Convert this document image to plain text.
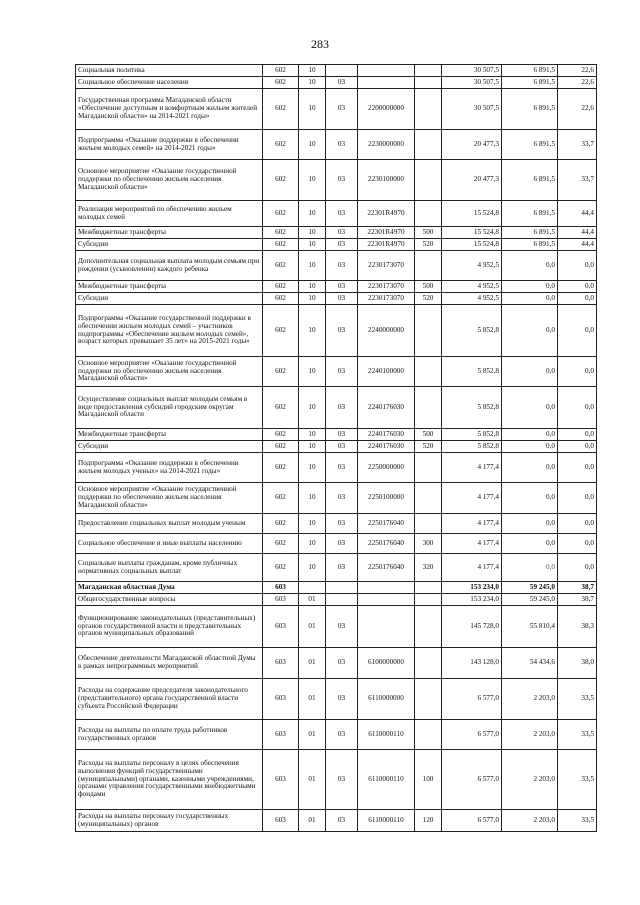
283
Социальная политика	602	10				30 507,5	6 891,5	22,6
Социальное обеспечение населения	602	10	03			30 507,5	6 891,5	22,6
Государственная программа Магаданской области «Обеспечение доступным и комфортным жильем жителей Магаданской области» на 2014-2021 годы»	602	10	03	2200000000		30 507,5	6 891,5	22,6
Подпрограмма «Оказание поддержки в обеспечении жильем молодых семей» на 2014-2021 годы»	602	10	03	2230000000		20 477,3	6 891,5	33,7
Основное мероприятие «Оказание государственной поддержки по обеспечению жильем населения Магаданской области»	602	10	03	2230100000		20 477,3	6 891,5	33,7
Реализация мероприятий по обеспечению жильем молодых семей	602	10	03	22301R4970		15 524,8	6 891,5	44,4
Межбюджетные трансферты	602	10	03	22301R4970	500	15 524,8	6 891,5	44,4
Субсидии	602	10	03	22301R4970	520	15 524,8	6 891,5	44,4
Дополнительная социальная выплата молодым семьям при рождении (усыновлении) каждого ребенка	602	10	03	2230173070		4 952,5	0,0	0,0
Межбюджетные трансферты	602	10	03	2230173070	500	4 952,5	0,0	0,0
Субсидии	602	10	03	2230173070	520	4 952,5	0,0	0,0
Подпрограмма «Оказание государственной поддержки в обеспечении жильем молодых семей – участников подпрограммы «Обеспечение жильем молодых семей», возраст которых превышает 35 лет» на 2015-2021 годы»	602	10	03	2240000000		5 852,8	0,0	0,0
Основное мероприятие «Оказание государственной поддержки по обеспечению жильем населения Магаданской области»	602	10	03	2240100000		5 852,8	0,0	0,0
Осуществление социальных выплат молодым семьям в виде предоставления субсидий городским округам Магаданской области	602	10	03	2240176030		5 852,8	0,0	0,0
Межбюджетные трансферты	602	10	03	2240176030	500	5 852,8	0,0	0,0
Субсидии	602	10	03	2240176030	520	5 852,8	0,0	0,0
Подпрограмма «Оказание поддержки в обеспечении жильем молодых ученых» на 2014-2021 годы»	602	10	03	2250000000		4 177,4	0,0	0,0
Основное мероприятие «Оказание государственной поддержки по обеспечению жильем населения Магаданской области»	602	10	03	2250100000		4 177,4	0,0	0,0
Предоставление социальных выплат молодым ученым	602	10	03	2250176040		4 177,4	0,0	0,0
Социальное обеспечение и иные выплаты населению	602	10	03	2250176040	300	4 177,4	0,0	0,0
Социальные выплаты гражданам, кроме публичных нормативных социальных выплат	602	10	03	2250176040	320	4 177,4	0,0	0,0
Магаданская областная Дума	603					153 234,0	59 245,0	38,7
Общегосударственные вопросы	603	01				153 234,0	59 245,0	38,7
Функционирование законодательных (представительных) органов государственной власти и представительных органов муниципальных образований	603	01	03			145 728,0	55 810,4	38,3
Обеспечение деятельности Магаданской областной Думы в рамках непрограммных мероприятий	603	01	03	6100000000		143 128,0	54 434,6	38,0
Расходы на содержание председателя законодательного (представительного) органа государственной власти субъекта Российской Федерации	603	01	03	6110000000		6 577,0	2 203,0	33,5
Расходы на выплаты по оплате труда работников государственных органов	603	01	03	6110000110		6 577,0	2 203,0	33,5
Расходы на выплаты персоналу в целях обеспечения выполнения функций государственными (муниципальными) органами, казенными учреждениями, органами управления государственными внебюджетными фондами	603	01	03	6110000110	100	6 577,0	2 203,0	33,5
Расходы на выплаты персоналу государственных (муниципальных) органов	603	01	03	6110000110	120	6 577,0	2 203,0	33,5
